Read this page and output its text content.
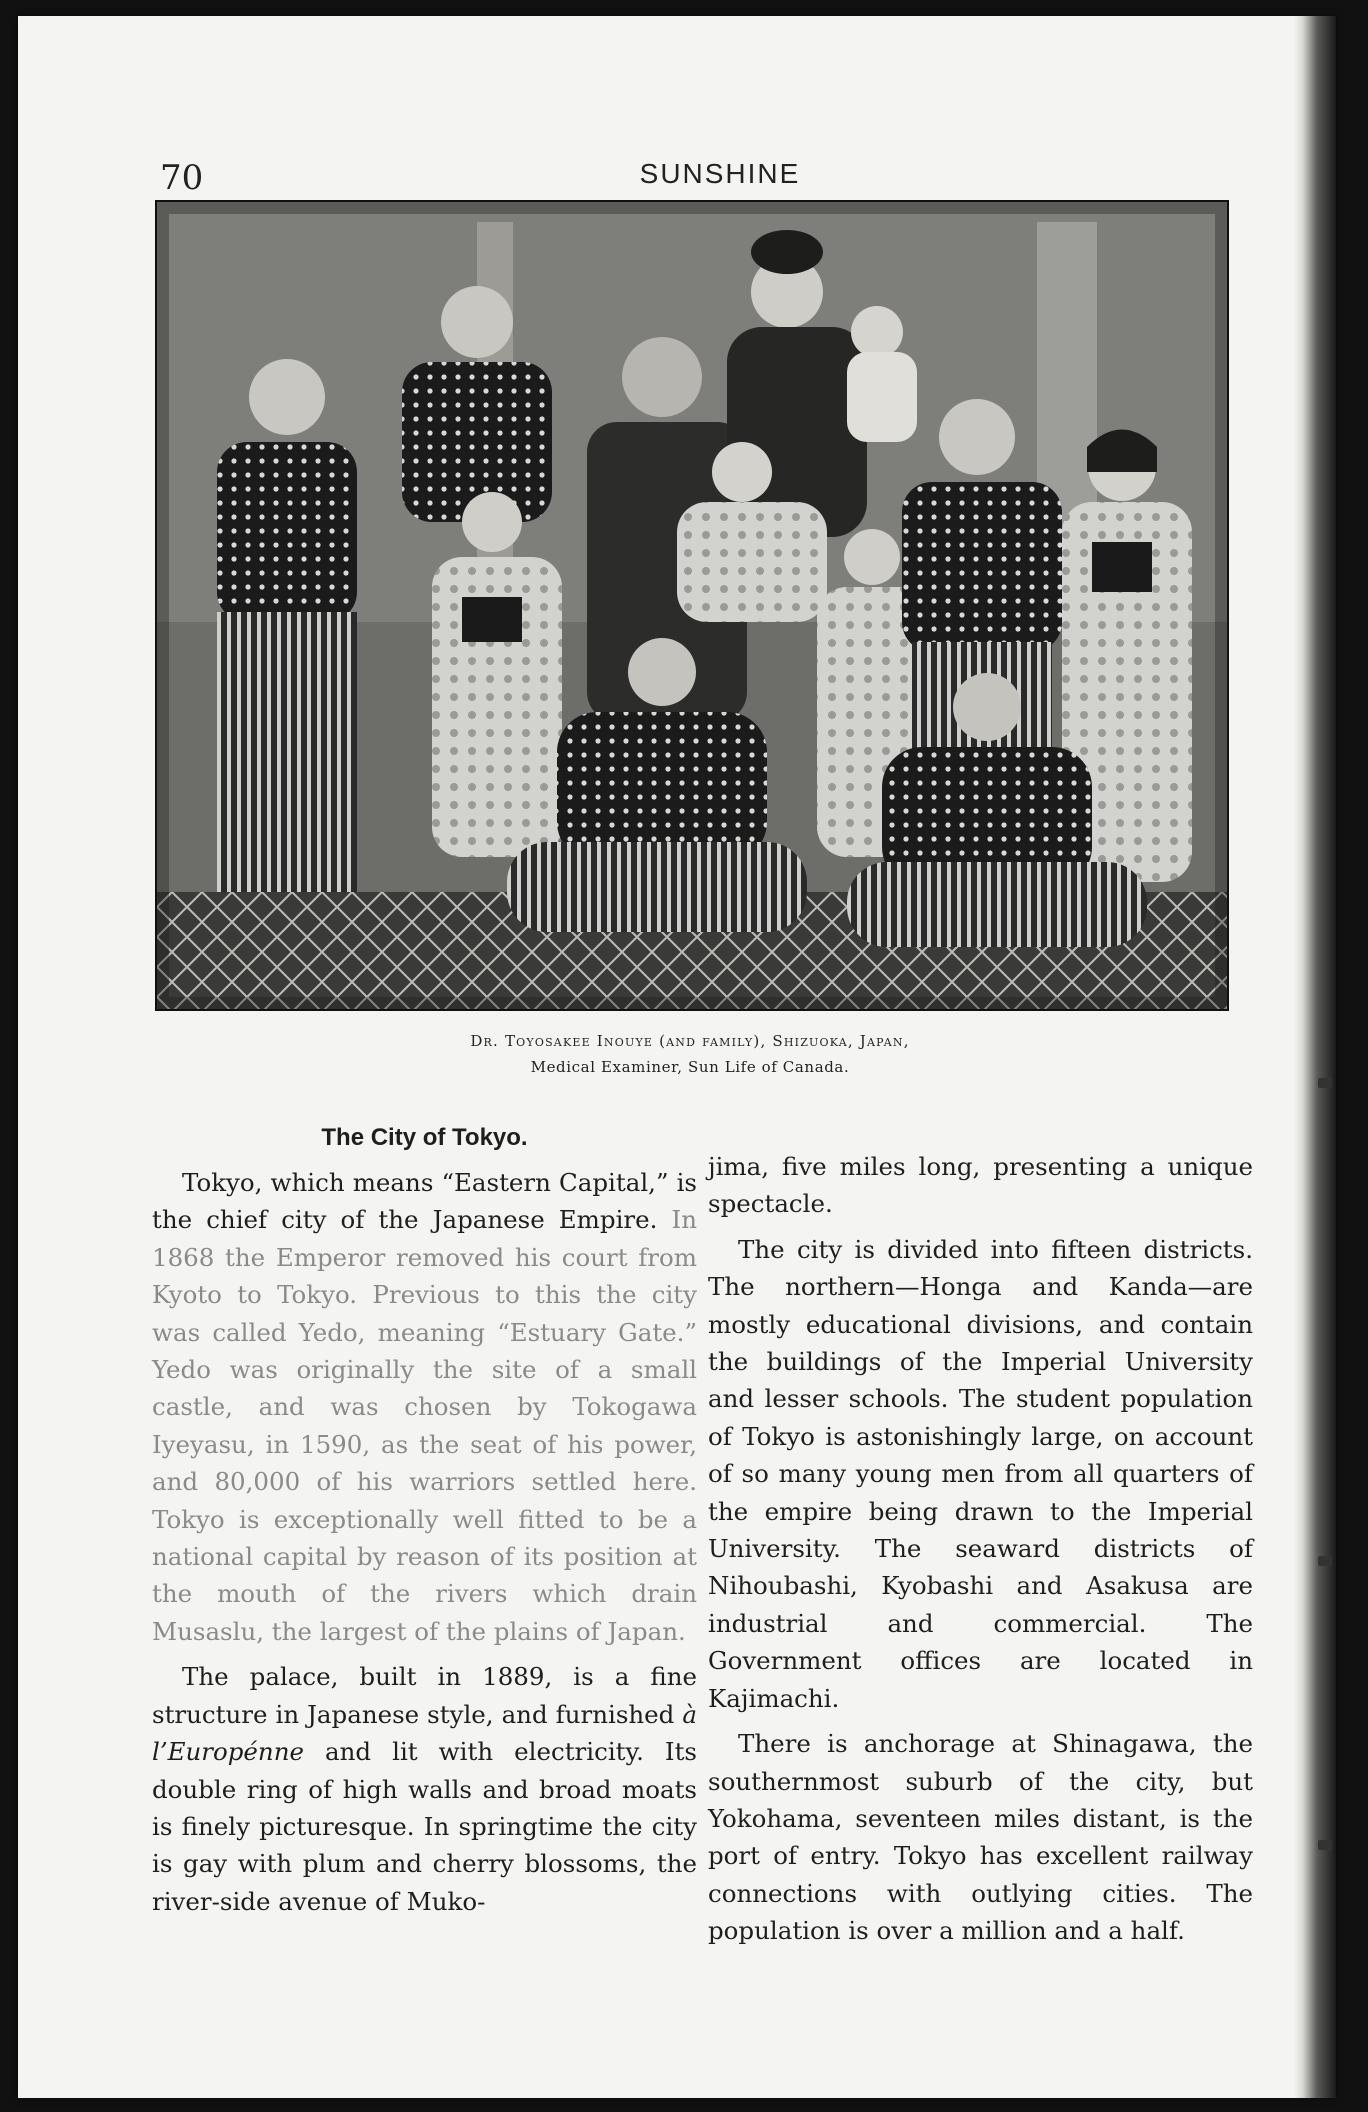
70	SUNSHINE
Dr. Toyosakee Inouye (and family), Shizuoka, Japan,
Medical Examiner, Sun Life of Canada.
The City of Tokyo.

Tokyo, which means “Eastern Capital,” is the chief city of the Japanese Empire. In 1868 the Emperor removed his court from Kyoto to Tokyo. Previous to this the city was called Yedo, meaning “Estuary Gate.” Yedo was originally the site of a small castle, and was chosen by Tokogawa Iyeyasu, in 1590, as the seat of his power, and 80,000 of his warriors settled here. Tokyo is exceptionally well fitted to be a national capital by reason of its position at the mouth of the rivers which drain Musaslu, the largest of the plains of Japan.

The palace, built in 1889, is a fine structure in Japanese style, and furnished à l’Europénne and lit with electricity. Its double ring of high walls and broad moats is finely picturesque. In springtime the city is gay with plum and cherry blossoms, the river-side avenue of Muko-

jima, five miles long, presenting a unique spectacle.

The city is divided into fifteen districts. The northern—Honga and Kanda—are mostly educational divisions, and contain the buildings of the Imperial University and lesser schools. The student population of Tokyo is astonishingly large, on account of so many young men from all quarters of the empire being drawn to the Imperial University. The seaward districts of Nihoubashi, Kyobashi and Asakusa are industrial and commercial. The Government offices are located in Kajimachi.

There is anchorage at Shinagawa, the southernmost suburb of the city, but Yokohama, seventeen miles distant, is the port of entry. Tokyo has excellent railway connections with outlying cities. The population is over a million and a half.
